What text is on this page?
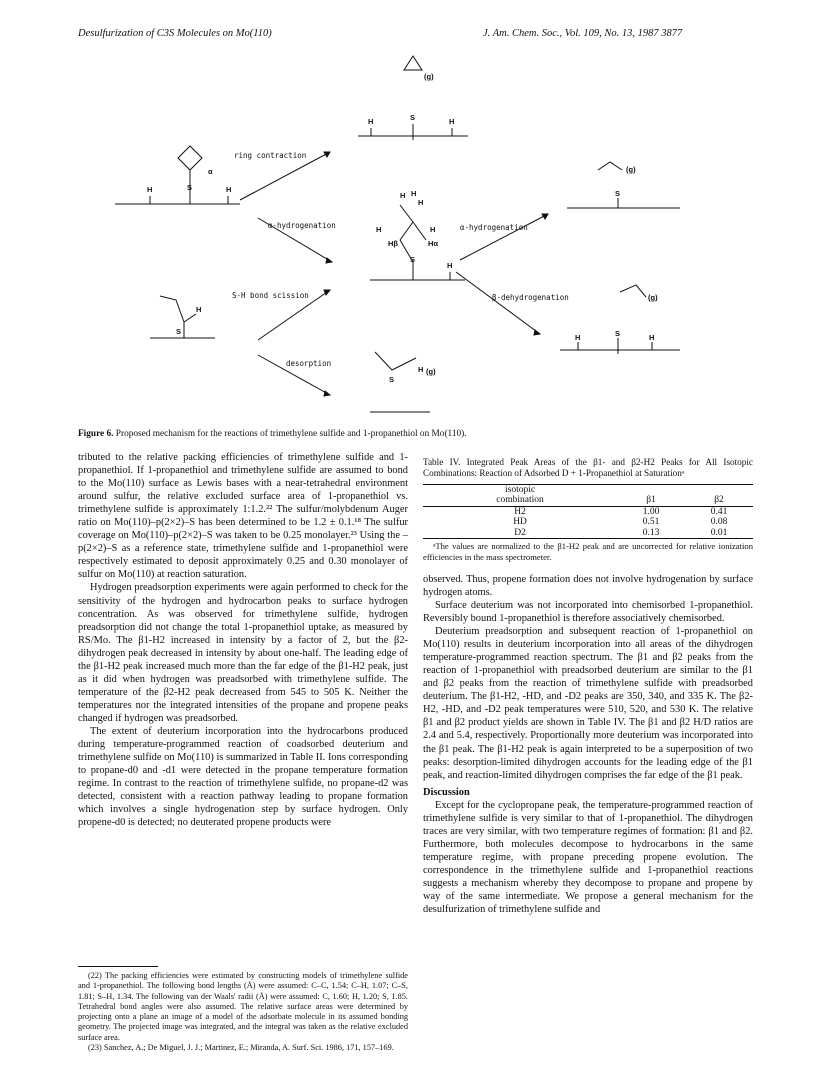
Desulfurization of C3S Molecules on Mo(110)	J. Am. Chem. Soc., Vol. 109, No. 13, 1987 3877
(g)
H	S	H
ring contraction
α
H	S	H
α-hydrogenation	α-hydrogenation
H H
H
H	H
Hβ	Hα
S
H
(g)
S
S-H bond scission	β-dehydrogenation
H
S
(g)
H	S	H
desorption
H (g)
S
Figure 6. Proposed mechanism for the reactions of trimethylene sulfide and 1-propanethiol on Mo(110).

tributed to the relative packing efficiencies of trimethylene sulfide and 1-propanethiol. If 1-propanethiol and trimethylene sulfide are assumed to bond to the Mo(110) surface as Lewis bases with a near-tetrahedral environment around sulfur, the relative excluded surface area of 1-propanethiol vs. trimethylene sulfide is approximately 1:1.2.²² The sulfur/molybdenum Auger ratio on Mo(110)–p(2×2)–S has been determined to be 1.2 ± 0.1.¹⁸ The sulfur coverage on Mo(110)–p(2×2)–S was taken to be 0.25 monolayer.²³ Using the –p(2×2)–S as a reference state, trimethylene sulfide and 1-propanethiol were respectively estimated to deposit approximately 0.25 and 0.30 monolayer of sulfur on Mo(110) at reaction saturation.

Hydrogen preadsorption experiments were again performed to check for the sensitivity of the hydrogen and hydrocarbon peaks to surface hydrogen concentration. As was observed for trimethylene sulfide, hydrogen preadsorption did not change the total 1-propanethiol uptake, as measured by RS/Mo. The β1-H2 increased in intensity by a factor of 2, but the β2-dihydrogen peak decreased in intensity by about one-half. The leading edge of the β1-H2 peak increased much more than the far edge of the β1-H2 peak, just as it did when hydrogen was preadsorbed with trimethylene sulfide. The temperature of the β2-H2 peak decreased from 545 to 505 K. Neither the temperatures nor the integrated intensities of the propane and propene peaks changed if hydrogen was preadsorbed.

The extent of deuterium incorporation into the hydrocarbons produced during temperature-programmed reaction of coadsorbed deuterium and trimethylene sulfide on Mo(110) is summarized in Table II. Ions corresponding to propane-d0 and -d1 were detected in the propane temperature formation regime. In contrast to the reaction of trimethylene sulfide, no propane-d2 was detected, consistent with a reaction pathway leading to propane formation which involves a single hydrogenation step by surface hydrogen. Only propene-d0 is detected; no deuterated propene products were

Table IV. Integrated Peak Areas of the β1- and β2-H2 Peaks for All Isotopic Combinations: Reaction of Adsorbed D + 1-Propanethiol at Saturationᵃ
isotopic		
combination	β1	β2
H2	1.00	0.41
HD	0.51	0.08
D2	0.13	0.01
ᵃThe values are normalized to the β1-H2 peak and are uncorrected for relative ionization efficiencies in the mass spectrometer.

observed. Thus, propene formation does not involve hydrogenation by surface hydrogen atoms.

Surface deuterium was not incorporated into chemisorbed 1-propanethiol. Reversibly bound 1-propanethiol is therefore associatively chemisorbed.

Deuterium preadsorption and subsequent reaction of 1-propanethiol on Mo(110) results in deuterium incorporation into all areas of the dihydrogen temperature-programmed reaction spectrum. The β1 and β2 peaks from the reaction of 1-propanethiol with preadsorbed deuterium are similar to the β1 and β2 peaks from the reaction of trimethylene sulfide with preadsorbed deuterium. The β1-H2, -HD, and -D2 peaks are 350, 340, and 335 K. The β2-H2, -HD, and -D2 peak temperatures were 510, 520, and 530 K. The relative β1 and β2 product yields are shown in Table IV. The β1 and β2 H/D ratios are 2.4 and 5.4, respectively. Proportionally more deuterium was incorporated into the β1 peak. The β1-H2 peak is again interpreted to be a superposition of two peaks: desorption-limited dihydrogen accounts for the leading edge of the β1 peak, and reaction-limited dihydrogen comprises the far edge of the β1 peak.

Discussion

Except for the cyclopropane peak, the temperature-programmed reaction of trimethylene sulfide is very similar to that of 1-propanethiol. The dihydrogen traces are very similar, with two temperature regimes of formation: β1 and β2. Furthermore, both molecules decompose to hydrocarbons in the same temperature regime, with propane preceding propene evolution. The correspondence in the trimethylene sulfide and 1-propanethiol reactions suggests a mechanism whereby they decompose to propane and propene by way of the same intermediate. We propose a general mechanism for the desulfurization of trimethylene sulfide and

(22) The packing efficiencies were estimated by constructing models of trimethylene sulfide and 1-propanethiol. The following bond lengths (Å) were assumed: C–C, 1.54; C–H, 1.07; C–S, 1.81; S–H, 1.34. The following van der Waals' radii (Å) were assumed: C, 1.60; H, 1.20; S, 1.85. Tetrahedral bond angles were also assumed. The relative surface areas were determined by projecting onto a plane an image of a model of the adsorbate molecule in its assumed bonding geometry. The projected image was integrated, and the integral was taken as the relative excluded surface area.

(23) Sanchez, A.; De Miguel, J. J.; Martinez, E.; Miranda, A. Surf. Sci. 1986, 171, 157–169.
